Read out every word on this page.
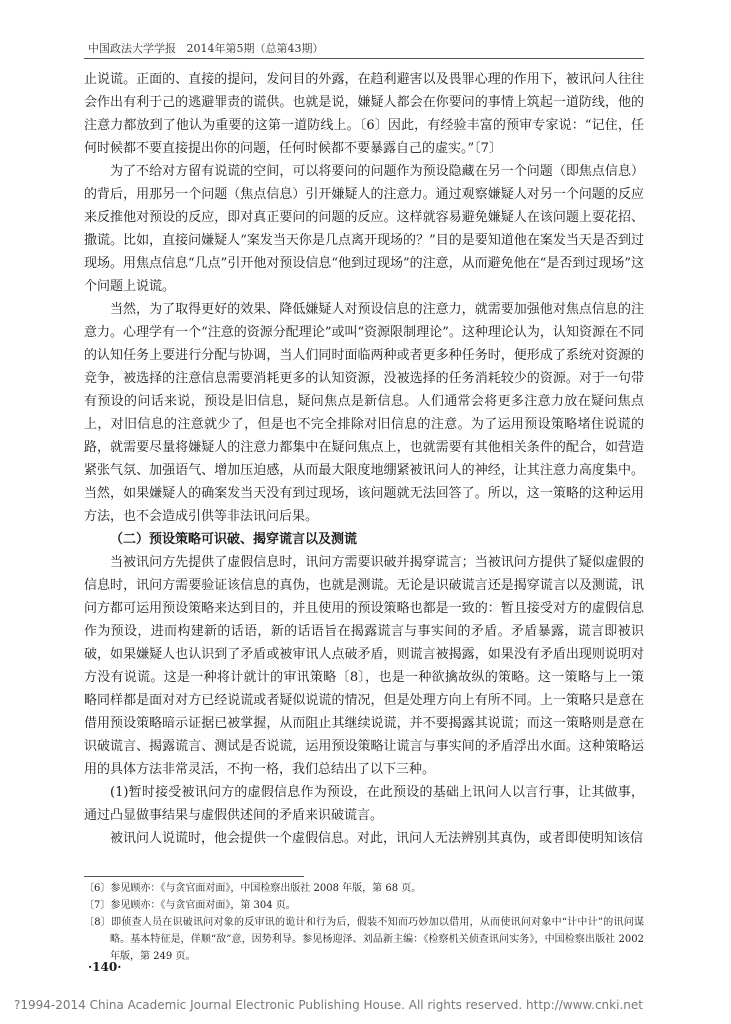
中国政法大学学报 2014年第5期（总第43期）

止说谎。正面的、直接的提问，发问目的外露，在趋利避害以及畏罪心理的作用下，被讯问人往往会作出有利于己的逃避罪责的谎供。也就是说，嫌疑人都会在你要问的事情上筑起一道防线，他的注意力都放到了他认为重要的这第一道防线上。〔6〕因此，有经验丰富的预审专家说：“记住，任何时候都不要直接提出你的问题，任何时候都不要暴露自己的虚实。”〔7〕

为了不给对方留有说谎的空间，可以将要问的问题作为预设隐藏在另一个问题（即焦点信息）的背后，用那另一个问题（焦点信息）引开嫌疑人的注意力。通过观察嫌疑人对另一个问题的反应来反推他对预设的反应，即对真正要问的问题的反应。这样就容易避免嫌疑人在该问题上耍花招、撒谎。比如，直接问嫌疑人“案发当天你是几点离开现场的？”目的是要知道他在案发当天是否到过现场。用焦点信息“几点”引开他对预设信息“他到过现场”的注意，从而避免他在“是否到过现场”这个问题上说谎。

当然，为了取得更好的效果、降低嫌疑人对预设信息的注意力，就需要加强他对焦点信息的注意力。心理学有一个“注意的资源分配理论”或叫“资源限制理论”。这种理论认为，认知资源在不同的认知任务上要进行分配与协调，当人们同时面临两种或者更多种任务时，便形成了系统对资源的竞争，被选择的注意信息需要消耗更多的认知资源，没被选择的任务消耗较少的资源。对于一句带有预设的问话来说，预设是旧信息，疑问焦点是新信息。人们通常会将更多注意力放在疑问焦点上，对旧信息的注意就少了，但是也不完全排除对旧信息的注意。为了运用预设策略堵住说谎的路，就需要尽量将嫌疑人的注意力都集中在疑问焦点上，也就需要有其他相关条件的配合，如营造紧张气氛、加强语气、增加压迫感，从而最大限度地绷紧被讯问人的神经，让其注意力高度集中。当然，如果嫌疑人的确案发当天没有到过现场，该问题就无法回答了。所以，这一策略的这种运用方法，也不会造成引供等非法讯问后果。

（二）预设策略可识破、揭穿谎言以及测谎

当被讯问方先提供了虚假信息时，讯问方需要识破并揭穿谎言；当被讯问方提供了疑似虚假的信息时，讯问方需要验证该信息的真伪，也就是测谎。无论是识破谎言还是揭穿谎言以及测谎，讯问方都可运用预设策略来达到目的，并且使用的预设策略也都是一致的：暂且接受对方的虚假信息作为预设，进而构建新的话语，新的话语旨在揭露谎言与事实间的矛盾。矛盾暴露，谎言即被识破，如果嫌疑人也认识到了矛盾或被审讯人点破矛盾，则谎言被揭露，如果没有矛盾出现则说明对方没有说谎。这是一种将计就计的审讯策略〔8〕，也是一种欲擒故纵的策略。这一策略与上一策略同样都是面对对方已经说谎或者疑似说谎的情况，但是处理方向上有所不同。上一策略只是意在借用预设策略暗示证据已被掌握，从而阻止其继续说谎，并不要揭露其说谎；而这一策略则是意在识破谎言、揭露谎言、测试是否说谎，运用预设策略让谎言与事实间的矛盾浮出水面。这种策略运用的具体方法非常灵活，不拘一格，我们总结出了以下三种。

(1)暂时接受被讯问方的虚假信息作为预设，在此预设的基础上讯问人以言行事，让其做事，通过凸显做事结果与虚假供述间的矛盾来识破谎言。

被讯问人说谎时，他会提供一个虚假信息。对此，讯问人无法辨别其真伪，或者即使明知该信

〔6〕参见顾亦：《与贪官面对面》，中国检察出版社 2008 年版，第 68 页。

〔7〕参见顾亦：《与贪官面对面》，第 304 页。

〔8〕即侦查人员在识破讯问对象的反审讯的诡计和行为后，假装不知而巧妙加以借用，从而使讯问对象中“计中计”的讯问谋略。基本特征是，佯顺“敌”意，因势利导。参见杨迎泽、刘品新主编：《检察机关侦查讯问实务》，中国检察出版社 2002 年版，第 249 页。

·140·
?1994-2014 China Academic Journal Electronic Publishing House. All rights reserved. http://www.cnki.net
